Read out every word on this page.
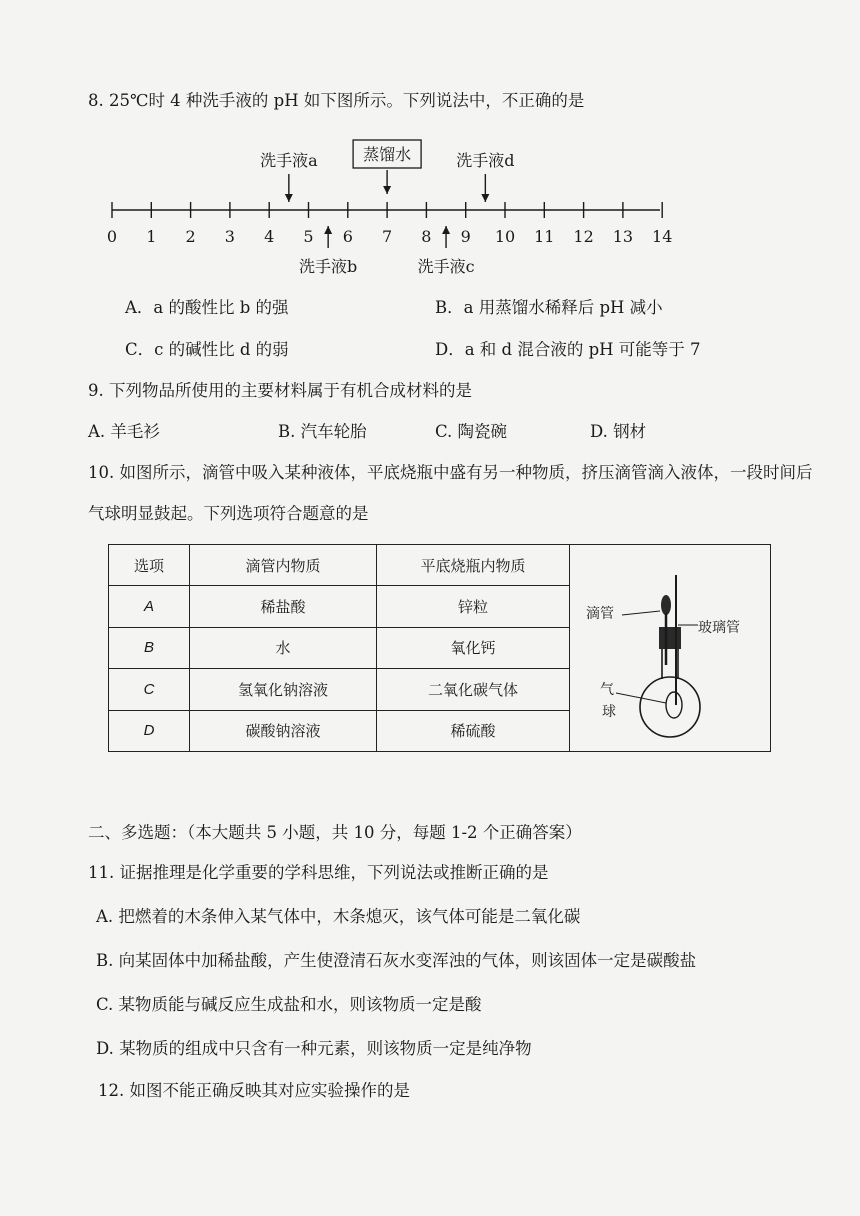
8. 25℃时 4 种洗手液的 pH 如下图所示。下列说法中，不正确的是
0 1 2 3 4 5 6 7 8 9 10 11 12 13 14
洗手液a	蒸馏水	洗手液d
洗手液b	洗手液c
A．a 的酸性比 b 的强	B．a 用蒸馏水稀释后 pH 减小
C．c 的碱性比 d 的弱	D．a 和 d 混合液的 pH 可能等于 7
9. 下列物品所使用的主要材料属于有机合成材料的是
A. 羊毛衫	B. 汽车轮胎	C. 陶瓷碗	D. 钢材
10. 如图所示，滴管中吸入某种液体，平底烧瓶中盛有另一种物质，挤压滴管滴入液体，一段时间后
气球明显鼓起。下列选项符合题意的是
选项	滴管内物质	平底烧瓶内物质	滴管
玻璃管
气
球

A	稀盐酸	锌粒	
B	水	氧化钙	
C	氢氧化钠溶液	二氧化碳气体	
D	碳酸钠溶液	稀硫酸	
二、多选题：（本大题共 5 小题，共 10 分，每题 1-2 个正确答案）
11. 证据推理是化学重要的学科思维，下列说法或推断正确的是
A. 把燃着的木条伸入某气体中，木条熄灭，该气体可能是二氧化碳
B. 向某固体中加稀盐酸，产生使澄清石灰水变浑浊的气体，则该固体一定是碳酸盐
C. 某物质能与碱反应生成盐和水，则该物质一定是酸
D. 某物质的组成中只含有一种元素，则该物质一定是纯净物
12. 如图不能正确反映其对应实验操作的是
